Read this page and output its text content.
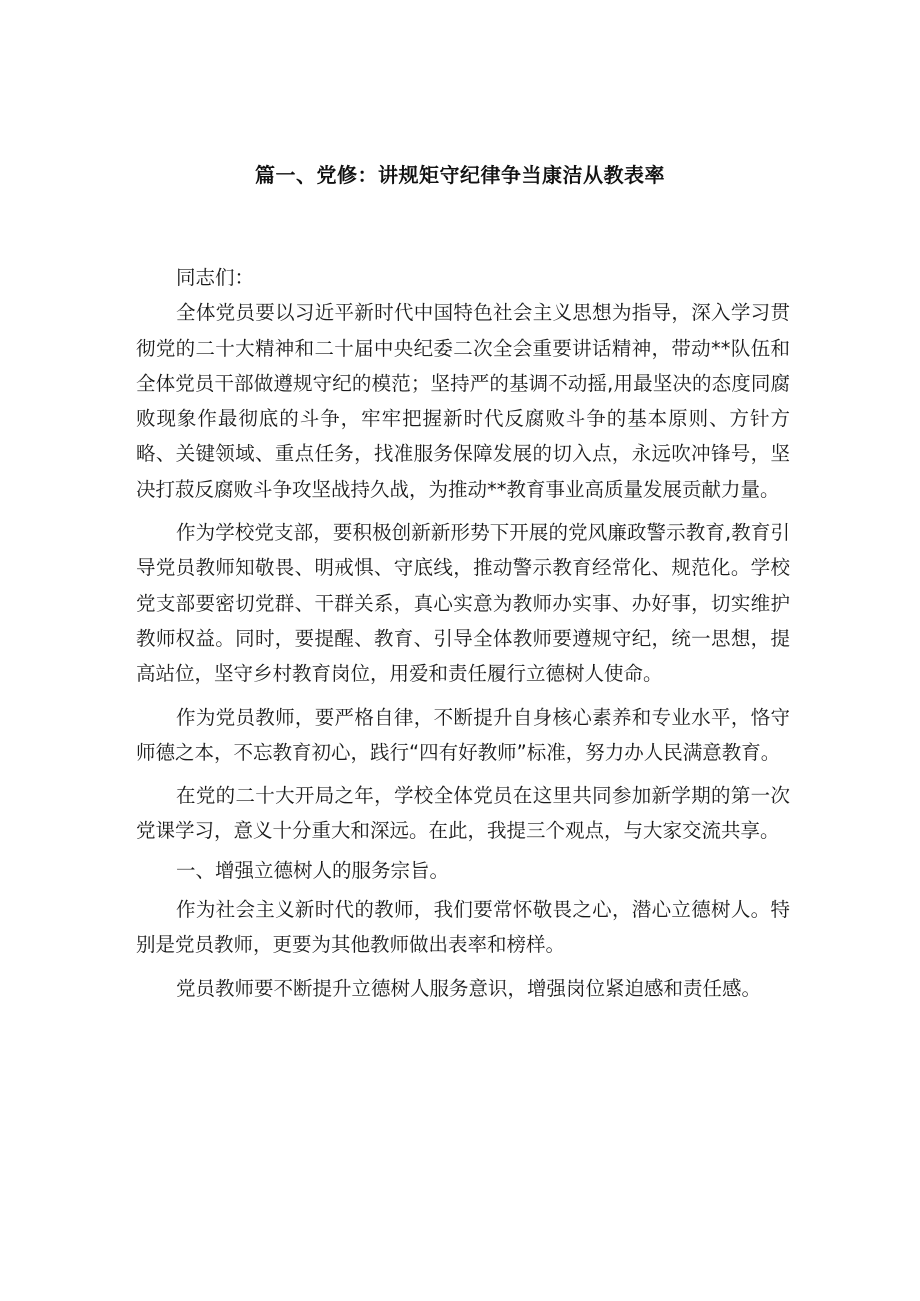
篇一、党修：讲规矩守纪律争当康洁从教表率

同志们：

全体党员要以习近平新时代中国特色社会主义思想为指导，深入学习贯彻党的二十大精神和二十届中央纪委二次全会重要讲话精神，带动**队伍和全体党员干部做遵规守纪的模范；坚持严的基调不动摇,用最坚决的态度同腐败现象作最彻底的斗争，牢牢把握新时代反腐败斗争的基本原则、方针方略、关键领域、重点任务，找准服务保障发展的切入点，永远吹冲锋号，坚决打菽反腐败斗争攻坚战持久战，为推动**教育事业高质量发展贡献力量。

作为学校党支部，要积极创新新形势下开展的党风廉政警示教育,教育引导党员教师知敬畏、明戒惧、守底线，推动警示教育经常化、规范化。学校党支部要密切党群、干群关系，真心实意为教师办实事、办好事，切实维护教师权益。同时，要提醒、教育、引导全体教师要遵规守纪，统一思想，提高站位，坚守乡村教育岗位，用爱和责任履行立德树人使命。

作为党员教师，要严格自律，不断提升自身核心素养和专业水平，恪守师德之本，不忘教育初心，践行“四有好教师”标准，努力办人民满意教育。

在党的二十大开局之年，学校全体党员在这里共同参加新学期的第一次党课学习，意义十分重大和深远。在此，我提三个观点，与大家交流共享。

一、增强立德树人的服务宗旨。

作为社会主义新时代的教师，我们要常怀敬畏之心，潜心立德树人。特别是党员教师，更要为其他教师做出表率和榜样。

党员教师要不断提升立德树人服务意识，增强岗位紧迫感和责任感。
